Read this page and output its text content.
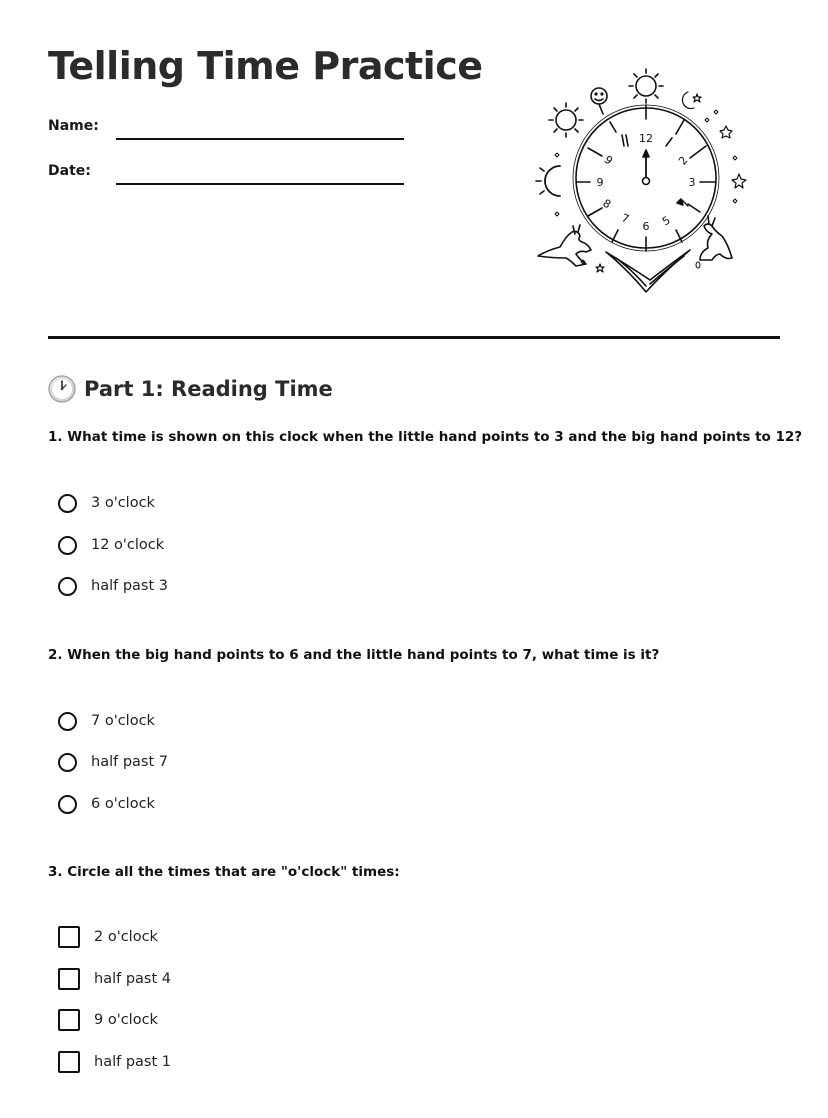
Telling Time Practice
Name:
Date:
12
2
3
5
6
7
8
9
9
Part 1: Reading Time

1. What time is shown on this clock when the little hand points to 3 and the big hand points to 12?

3 o'clock
12 o'clock
half past 3

2. When the big hand points to 6 and the little hand points to 7, what time is it?

7 o'clock
half past 7
6 o'clock

3. Circle all the times that are "o'clock" times:

2 o'clock
half past 4
9 o'clock
half past 1
